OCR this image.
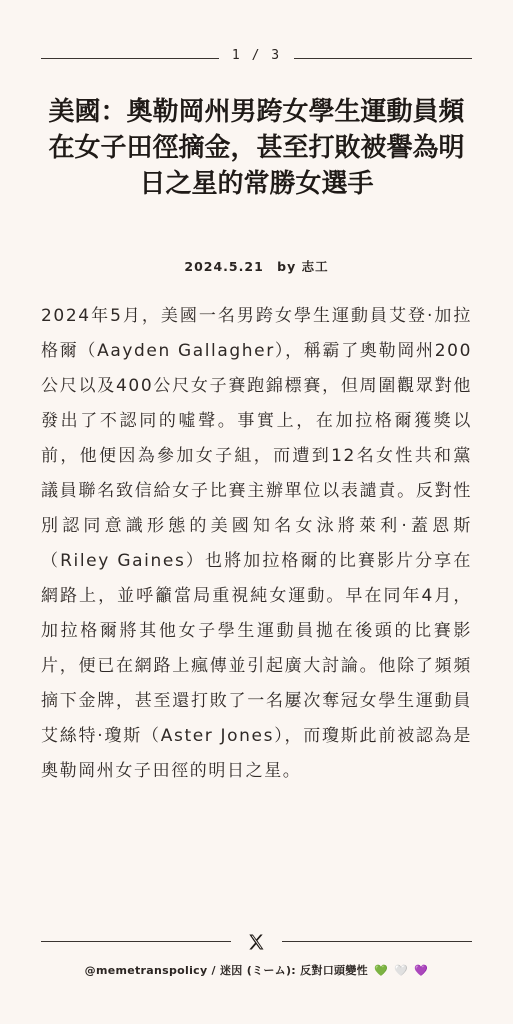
1 / 3
美國：奧勒岡州男跨女學生運動員頻在女子田徑摘金，甚至打敗被譽為明日之星的常勝女選手
2024.5.21 by 志工
2024年5月，美國一名男跨女學生運動員艾登‧加拉格爾（Aayden Gallagher），稱霸了奧勒岡州200公尺以及400公尺女子賽跑錦標賽，但周圍觀眾對他發出了不認同的噓聲。事實上，在加拉格爾獲獎以前，他便因為參加女子組，而遭到12名女性共和黨議員聯名致信給女子比賽主辦單位以表譴責。反對性別認同意識形態的美國知名女泳將萊利‧蓋恩斯（Riley Gaines）也將加拉格爾的比賽影片分享在網路上，並呼籲當局重視純女運動。早在同年4月，加拉格爾將其他女子學生運動員拋在後頭的比賽影片，便已在網路上瘋傳並引起廣大討論。他除了頻頻摘下金牌，甚至還打敗了一名屢次奪冠女學生運動員艾絲特‧瓊斯（Aster Jones），而瓊斯此前被認為是奧勒岡州女子田徑的明日之星。
@memetranspolicy / 迷因 (ミーム): 反對口頭變性 💚 🤍 💜
